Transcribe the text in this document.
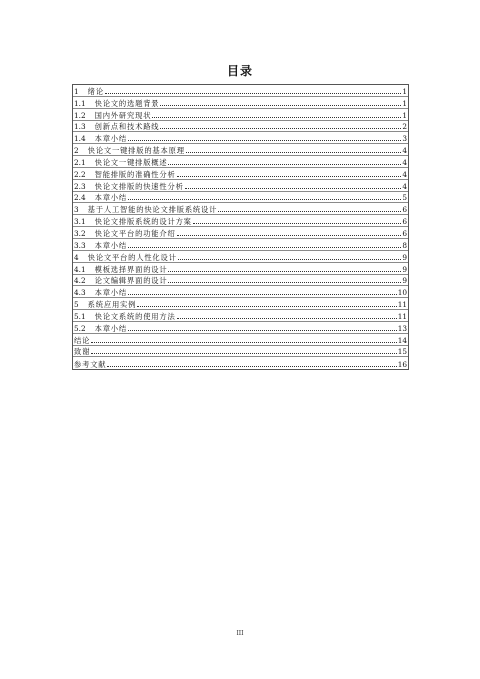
目录
1 绪论	1
1.1 快论文的选题背景	1
1.2 国内外研究现状	1
1.3 创新点和技术路线	2
1.4 本章小结	3
2 快论文一键排版的基本原理	4
2.1 快论文一键排版概述	4
2.2 智能排版的准确性分析	4
2.3 快论文排版的快速性分析	4
2.4 本章小结	5
3 基于人工智能的快论文排版系统设计	6
3.1 快论文排版系统的设计方案	6
3.2 快论文平台的功能介绍	6
3.3 本章小结	8
4 快论文平台的人性化设计	9
4.1 模板选择界面的设计	9
4.2 论文编辑界面的设计	9
4.3 本章小结	10
5 系统应用实例	11
5.1 快论文系统的使用方法	11
5.2 本章小结	13
结论	14
致谢	15
参考文献	16
III
